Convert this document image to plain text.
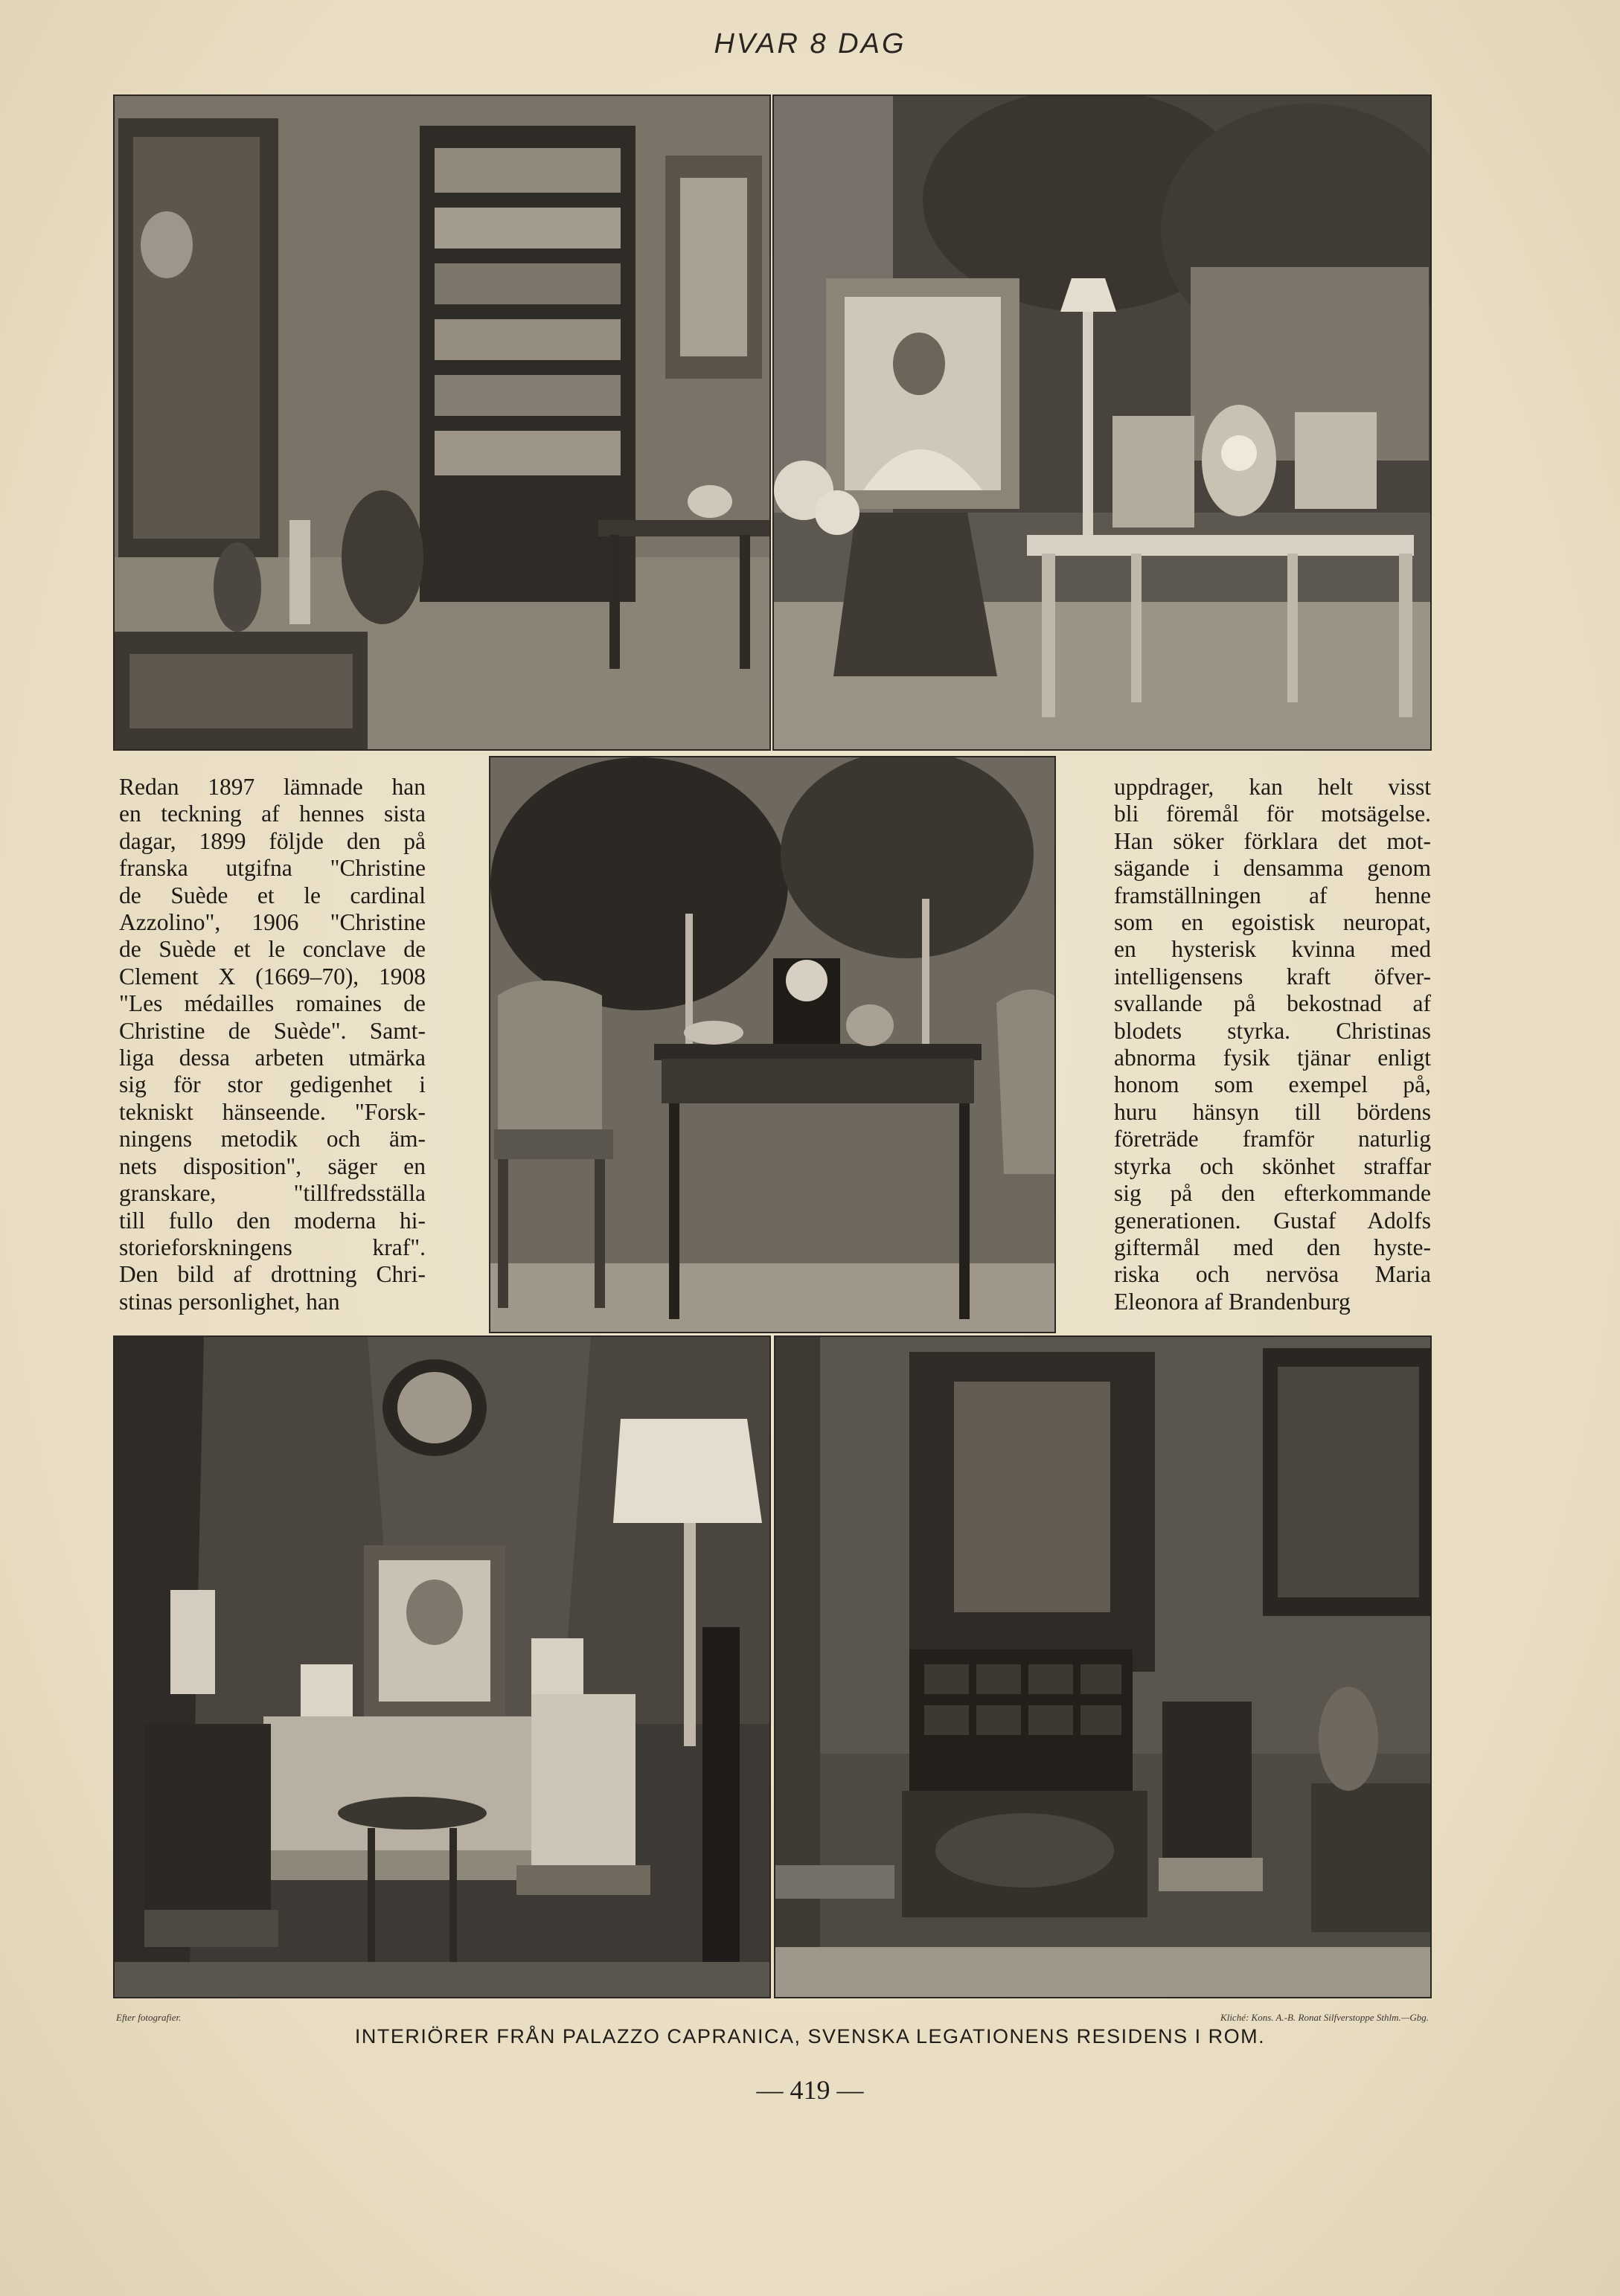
HVAR 8 DAG
Redan 1897 lämnade han
en teckning af hennes sista
dagar, 1899 följde den på
franska utgifna "Christine
de Suède et le cardinal
Azzolino", 1906 "Christine
de Suède et le conclave de
Clement X (1669–70), 1908
"Les médailles romaines de
Christine de Suède". Samt-
liga dessa arbeten utmärka
sig för stor gedigenhet i
tekniskt hänseende. "Forsk-
ningens metodik och äm-
nets disposition", säger en
granskare, "tillfredsställa
till fullo den moderna hi-
storieforskningens kraf".
Den bild af drottning Chri-
stinas personlighet, han
uppdrager, kan helt visst
bli föremål för motsägelse.
Han söker förklara det mot-
sägande i densamma genom
framställningen af henne
som en egoistisk neuropat,
en hysterisk kvinna med
intelligensens kraft öfver-
svallande på bekostnad af
blodets styrka. Christinas
abnorma fysik tjänar enligt
honom som exempel på,
huru hänsyn till bördens
företräde framför naturlig
styrka och skönhet straffar
sig på den efterkommande
generationen. Gustaf Adolfs
giftermål med den hyste-
riska och nervösa Maria
Eleonora af Brandenburg
Efter fotografier.	Kliché: Kons. A.-B. Ronat Silfverstoppe Sthlm.—Gbg.
INTERIÖRER FRÅN PALAZZO CAPRANICA, SVENSKA LEGATIONENS RESIDENS I ROM.
— 419 —
